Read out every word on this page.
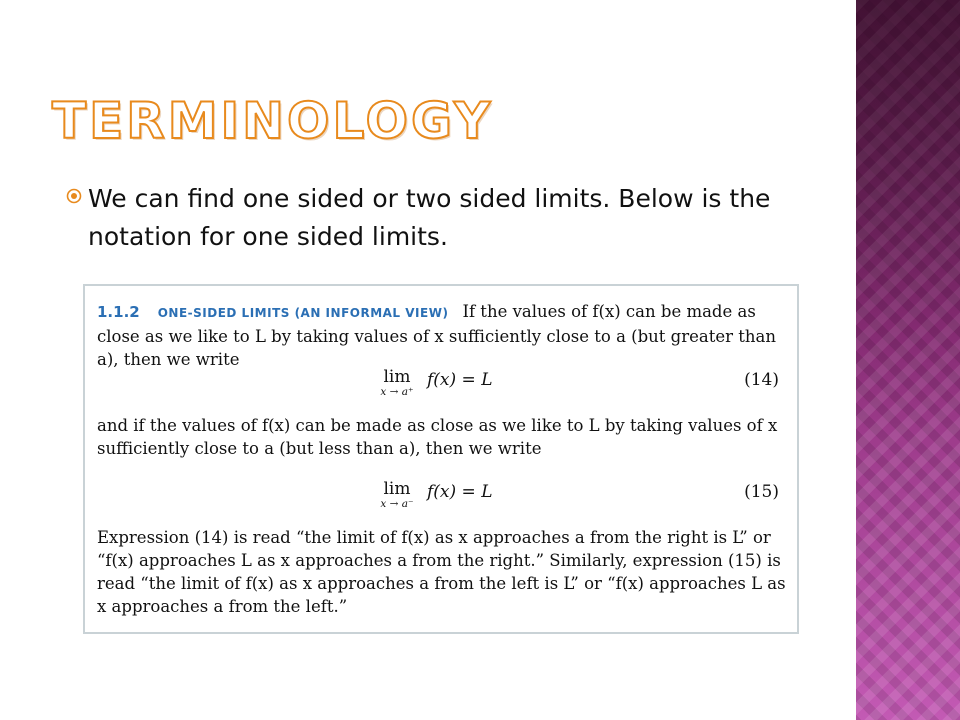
TERMINOLOGY
We can find one sided or two sided limits. Below is the notation for one sided limits.
1.1.2 ONE-SIDED LIMITS (AN INFORMAL VIEW) If the values of f(x) can be made as close as we like to L by taking values of x sufficiently close to a (but greater than a), then we write
lim
x → a⁺
f(x) = L	(14)
and if the values of f(x) can be made as close as we like to L by taking values of x sufficiently close to a (but less than a), then we write
lim
x → a⁻
f(x) = L	(15)
Expression (14) is read “the limit of f(x) as x approaches a from the right is L” or “f(x) approaches L as x approaches a from the right.” Similarly, expression (15) is read “the limit of f(x) as x approaches a from the left is L” or “f(x) approaches L as x approaches a from the left.”
